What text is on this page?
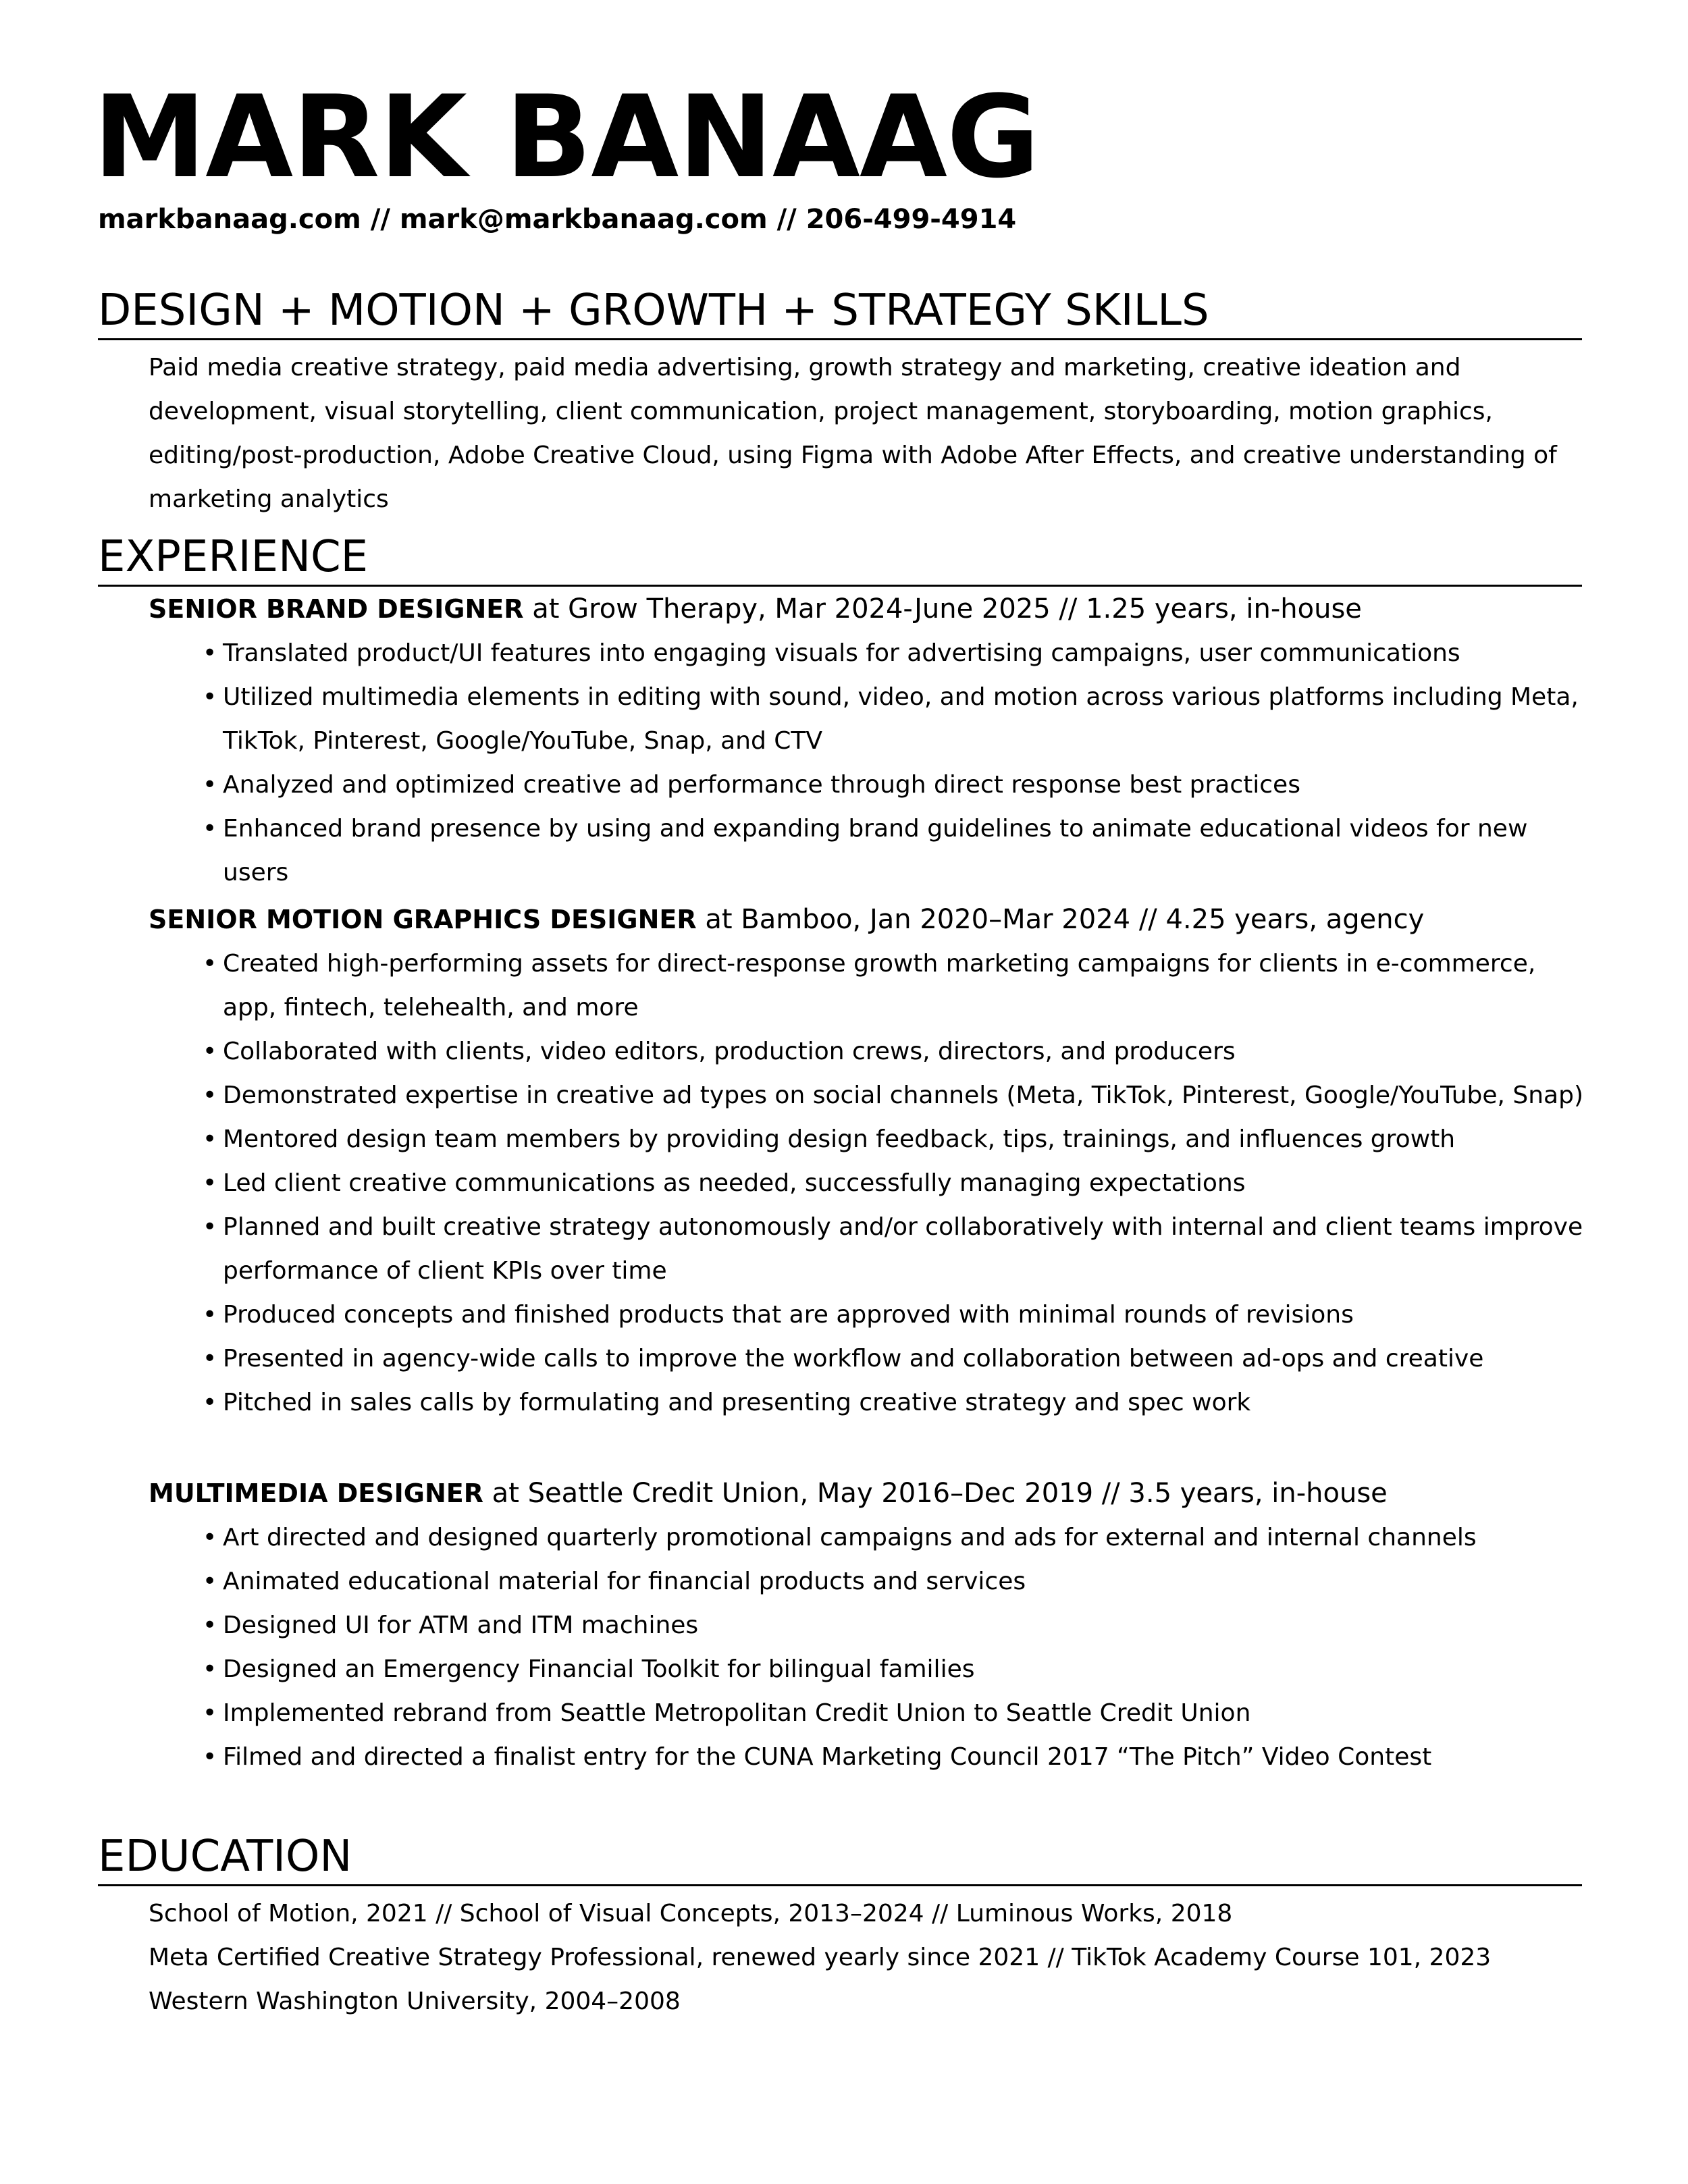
MARK BANAAG
markbanaag.com // mark@markbanaag.com // 206-499-4914
DESIGN + MOTION + GROWTH + STRATEGY SKILLS
Paid media creative strategy, paid media advertising, growth strategy and marketing, creative ideation and development, visual storytelling, client communication, project management, storyboarding, motion graphics, editing/post-production, Adobe Creative Cloud, using Figma with Adobe After Effects, and creative understanding of marketing analytics
EXPERIENCE
SENIOR BRAND DESIGNER at Grow Therapy, Mar 2024-June 2025 // 1.25 years, in-house
• Translated product/UI features into engaging visuals for advertising campaigns, user communications
• Utilized multimedia elements in editing with sound, video, and motion across various platforms including Meta, TikTok, Pinterest, Google/YouTube, Snap, and CTV
• Analyzed and optimized creative ad performance through direct response best practices
• Enhanced brand presence by using and expanding brand guidelines to animate educational videos for new users
SENIOR MOTION GRAPHICS DESIGNER at Bamboo, Jan 2020–Mar 2024 // 4.25 years, agency
• Created high-performing assets for direct-response growth marketing campaigns for clients in e-commerce, app, fintech, telehealth, and more
• Collaborated with clients, video editors, production crews, directors, and producers
• Demonstrated expertise in creative ad types on social channels (Meta, TikTok, Pinterest, Google/YouTube, Snap)
• Mentored design team members by providing design feedback, tips, trainings, and influences growth
• Led client creative communications as needed, successfully managing expectations
• Planned and built creative strategy autonomously and/or collaboratively with internal and client teams improve performance of client KPIs over time
• Produced concepts and finished products that are approved with minimal rounds of revisions
• Presented in agency-wide calls to improve the workflow and collaboration between ad-ops and creative
• Pitched in sales calls by formulating and presenting creative strategy and spec work
MULTIMEDIA DESIGNER at Seattle Credit Union, May 2016–Dec 2019 // 3.5 years, in-house
• Art directed and designed quarterly promotional campaigns and ads for external and internal channels
• Animated educational material for financial products and services
• Designed UI for ATM and ITM machines
• Designed an Emergency Financial Toolkit for bilingual families
• Implemented rebrand from Seattle Metropolitan Credit Union to Seattle Credit Union
• Filmed and directed a finalist entry for the CUNA Marketing Council 2017 “The Pitch” Video Contest
EDUCATION
School of Motion, 2021 // School of Visual Concepts, 2013–2024 // Luminous Works, 2018
Meta Certified Creative Strategy Professional, renewed yearly since 2021 // TikTok Academy Course 101, 2023
Western Washington University, 2004–2008
